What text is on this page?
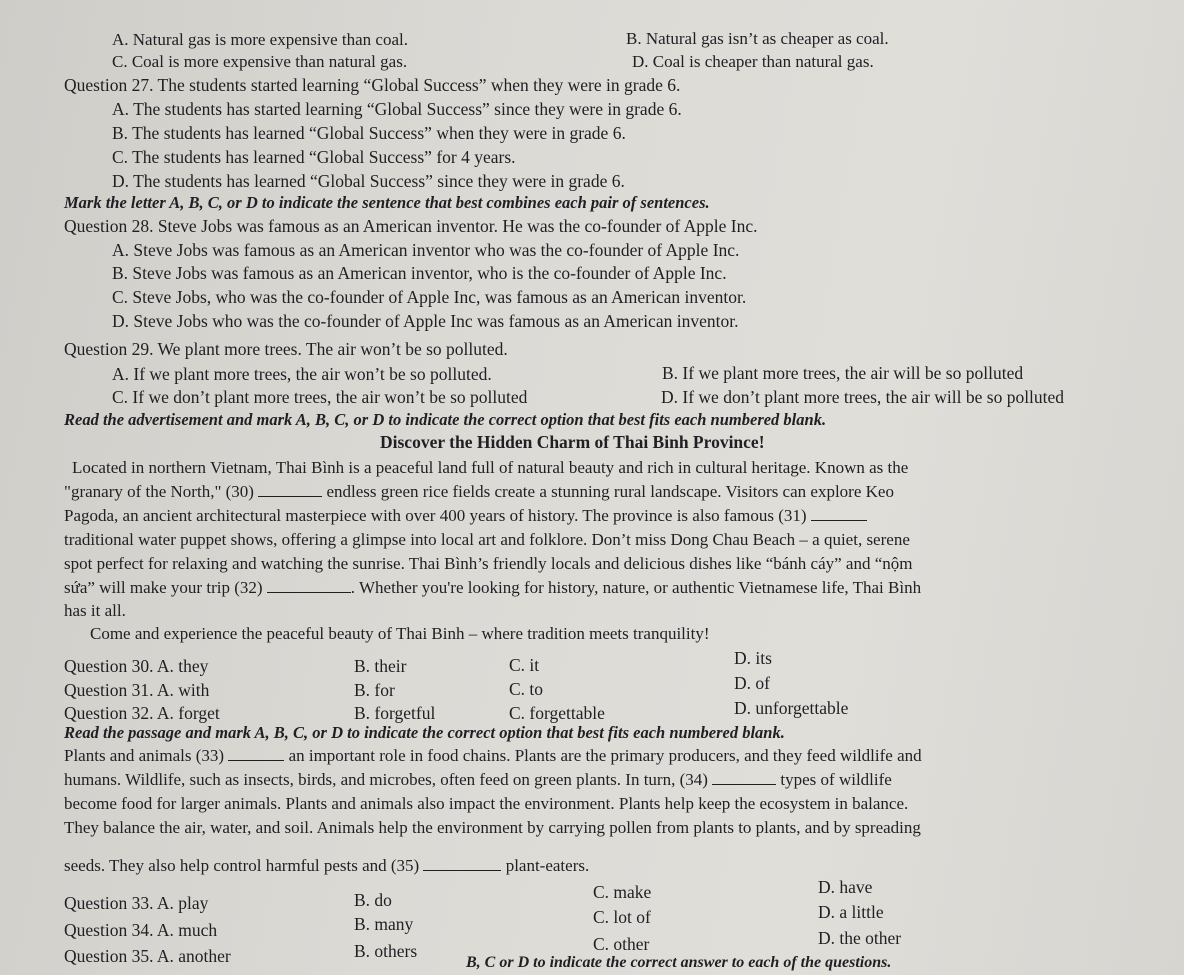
A. Natural gas is more expensive than coal.	B. Natural gas isn’t as cheaper as coal.
C. Coal is more expensive than natural gas.	D. Coal is cheaper than natural gas.
Question 27. The students started learning “Global Success” when they were in grade 6.
A. The students has started learning “Global Success” since they were in grade 6.
B. The students has learned “Global Success” when they were in grade 6.
C. The students has learned “Global Success” for 4 years.
D. The students has learned “Global Success” since they were in grade 6.
Mark the letter A, B, C, or D to indicate the sentence that best combines each pair of sentences.
Question 28. Steve Jobs was famous as an American inventor. He was the co-founder of Apple Inc.
A. Steve Jobs was famous as an American inventor who was the co-founder of Apple Inc.
B. Steve Jobs was famous as an American inventor, who is the co-founder of Apple Inc.
C. Steve Jobs, who was the co-founder of Apple Inc, was famous as an American inventor.
D. Steve Jobs who was the co-founder of Apple Inc was famous as an American inventor.
Question 29. We plant more trees. The air won’t be so polluted.
A. If we plant more trees, the air won’t be so polluted.	B. If we plant more trees, the air will be so polluted
C. If we don’t plant more trees, the air won’t be so polluted	D. If we don’t plant more trees, the air will be so polluted
Read the advertisement and mark A, B, C, or D to indicate the correct option that best fits each numbered blank.
Discover the Hidden Charm of Thai Binh Province!
Located in northern Vietnam, Thai Bình is a peaceful land full of natural beauty and rich in cultural heritage. Known as the
"granary of the North," (30)	endless green rice fields create a stunning rural landscape. Visitors can explore Keo
Pagoda, an ancient architectural masterpiece with over 400 years of history. The province is also famous (31)
traditional water puppet shows, offering a glimpse into local art and folklore. Don’t miss Dong Chau Beach – a quiet, serene
spot perfect for relaxing and watching the sunrise. Thai Bình’s friendly locals and delicious dishes like “bánh cáy” and “nộm
sứa” will make your trip (32)	. Whether you're looking for history, nature, or authentic Vietnamese life, Thai Bình
has it all.
Come and experience the peaceful beauty of Thai Binh – where tradition meets tranquility!
Question 30. A. they	B. their	C. it	D. its
Question 31. A. with	B. for	C. to	D. of
Question 32. A. forget	B. forgetful	C. forgettable	D. unforgettable
Read the passage and mark A, B, C, or D to indicate the correct option that best fits each numbered blank.
Plants and animals (33)	an important role in food chains. Plants are the primary producers, and they feed wildlife and
humans. Wildlife, such as insects, birds, and microbes, often feed on green plants. In turn, (34)	types of wildlife
become food for larger animals. Plants and animals also impact the environment. Plants help keep the ecosystem in balance.
They balance the air, water, and soil. Animals help the environment by carrying pollen from plants to plants, and by spreading
seeds. They also help control harmful pests and (35)	plant-eaters.
Question 33. A. play	B. do	C. make	D. have
Question 34. A. much	B. many	C. lot of	D. a little
Question 35. A. another	B. others	C. other	D. the other
B, C or D to indicate the correct answer to each of the questions.
